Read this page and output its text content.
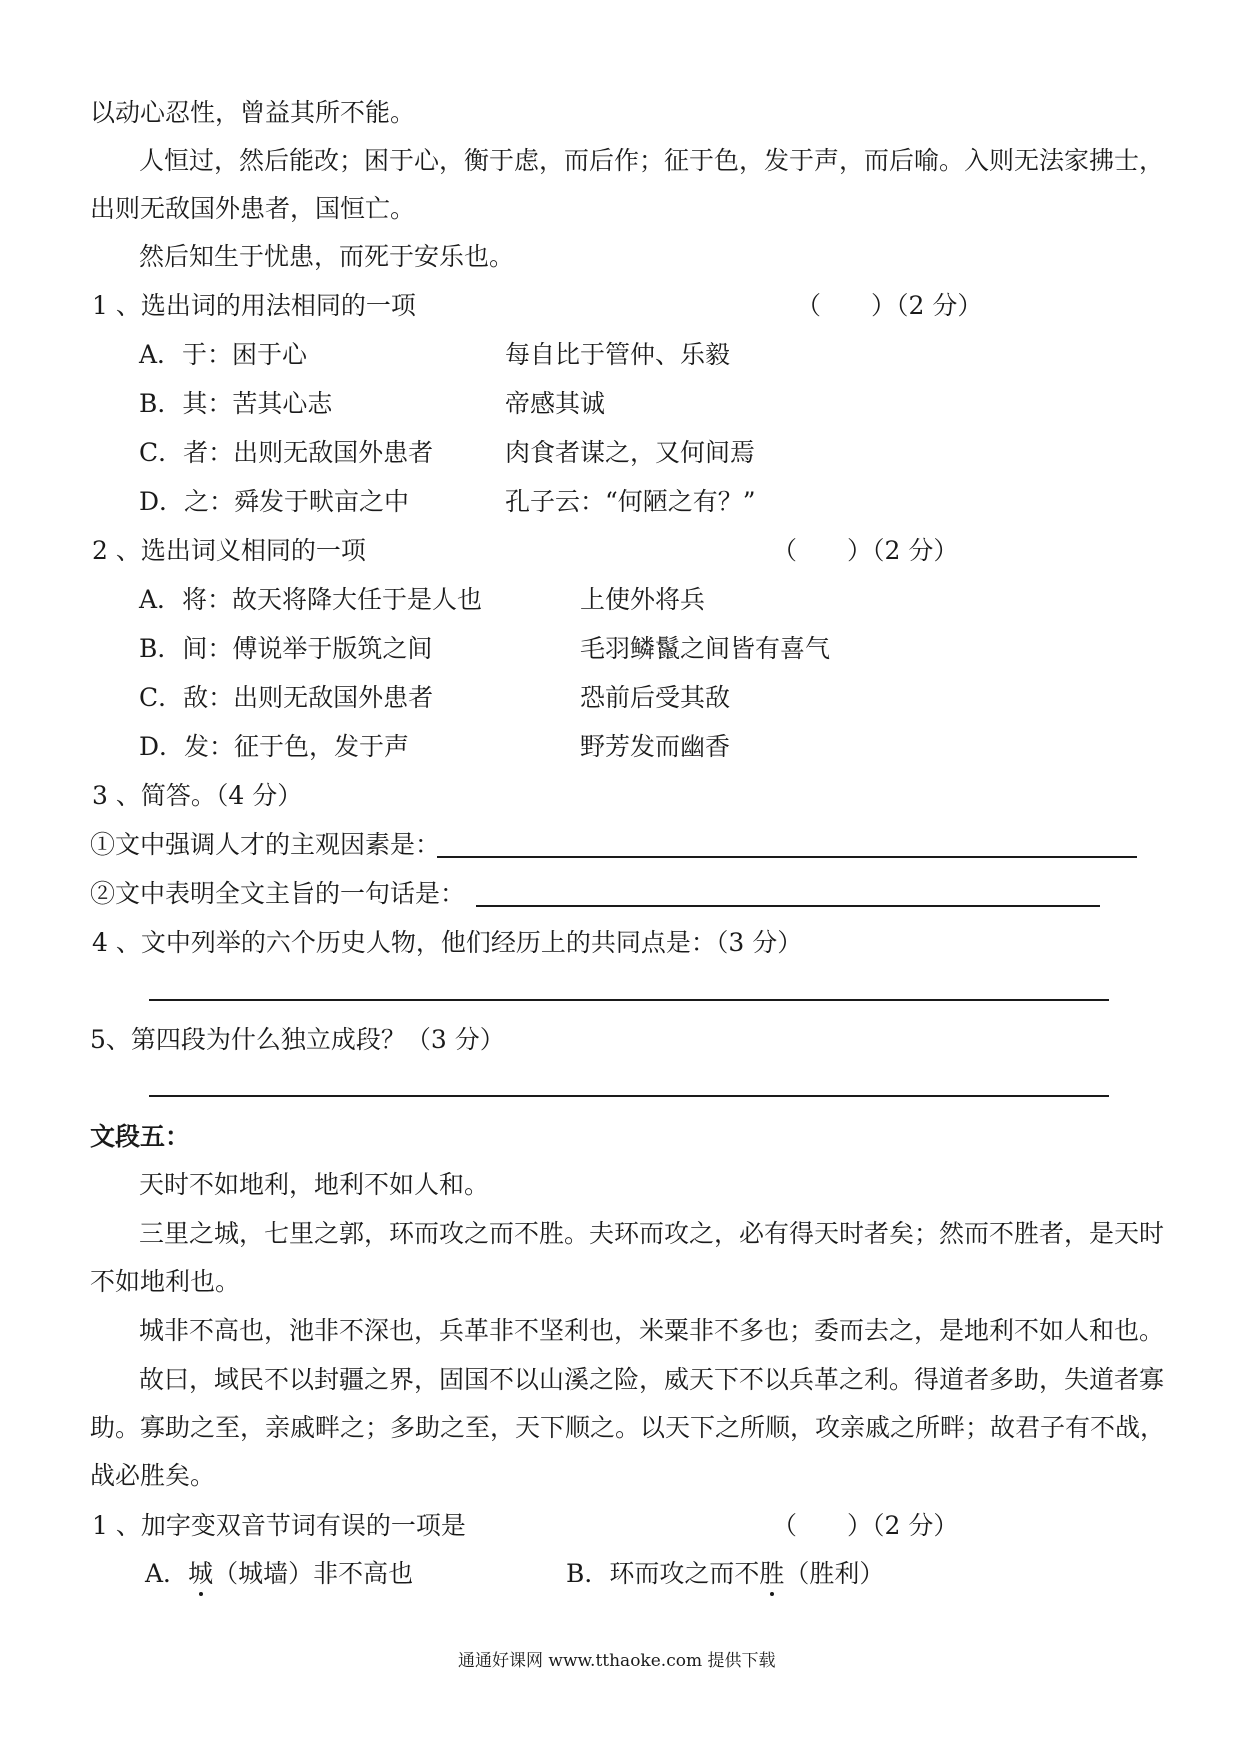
以动心忍性，曾益其所不能。
人恒过，然后能改；困于心，衡于虑，而后作；征于色，发于声，而后喻。入则无法家拂士，
出则无敌国外患者，国恒亡。
然后知生于忧患，而死于安乐也。
1 、选出词的用法相同的一项	（　　）（2 分）
A．于：困于心	每自比于管仲、乐毅
B．其：苦其心志	帝感其诚
C．者：出则无敌国外患者	肉食者谋之，又何间焉
D．之：舜发于畎亩之中	孔子云：“何陋之有？”
2 、选出词义相同的一项	（　　）（2 分）
A．将：故天将降大任于是人也	上使外将兵
B．间：傅说举于版筑之间	毛羽鳞鬣之间皆有喜气
C．敌：出则无敌国外患者	恐前后受其敌
D．发：征于色，发于声	野芳发而幽香
3 、简答。（4 分）
①文中强调人才的主观因素是：
②文中表明全文主旨的一句话是：
4 、文中列举的六个历史人物，他们经历上的共同点是：（3 分）
5、第四段为什么独立成段？（3 分）
文段五：
天时不如地利，地利不如人和。
三里之城，七里之郭，环而攻之而不胜。夫环而攻之，必有得天时者矣；然而不胜者，是天时
不如地利也。
城非不高也，池非不深也，兵革非不坚利也，米粟非不多也；委而去之，是地利不如人和也。
故曰，域民不以封疆之界，固国不以山溪之险，威天下不以兵革之利。得道者多助，失道者寡
助。寡助之至，亲戚畔之；多助之至，天下顺之。以天下之所顺，攻亲戚之所畔；故君子有不战，
战必胜矣。
1 、加字变双音节词有误的一项是	（　　）（2 分）
A．城（城墙）非不高也	B．环而攻之而不胜（胜利）
通通好课网 www.tthaoke.com 提供下载
